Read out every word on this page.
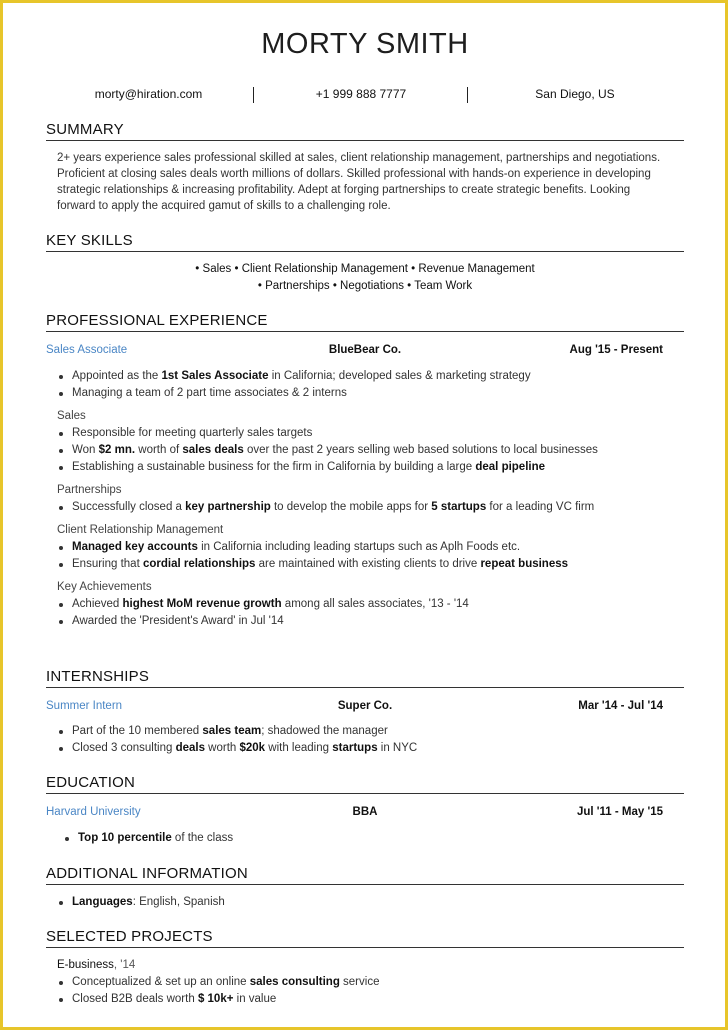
MORTY SMITH
morty@hiration.com	+1 999 888 7777	San Diego, US
SUMMARY
2+ years experience sales professional skilled at sales, client relationship management, partnerships and negotiations.
Proficient at closing sales deals worth millions of dollars. Skilled professional with hands-on experience in developing
strategic relationships & increasing profitability. Adept at forging partnerships to create strategic benefits. Looking
forward to apply the acquired gamut of skills to a challenging role.
KEY SKILLS
• Sales • Client Relationship Management • Revenue Management
• Partnerships • Negotiations • Team Work
PROFESSIONAL EXPERIENCE
Sales Associate	BlueBear Co.	Aug '15 - Present
Appointed as the 1st Sales Associate in California; developed sales & marketing strategy
Managing a team of 2 part time associates & 2 interns
Sales
Responsible for meeting quarterly sales targets
Won $2 mn. worth of sales deals over the past 2 years selling web based solutions to local businesses
Establishing a sustainable business for the firm in California by building a large deal pipeline
Partnerships
Successfully closed a key partnership to develop the mobile apps for 5 startups for a leading VC firm
Client Relationship Management
Managed key accounts in California including leading startups such as Aplh Foods etc.
Ensuring that cordial relationships are maintained with existing clients to drive repeat business
Key Achievements
Achieved highest MoM revenue growth among all sales associates, '13 - '14
Awarded the 'President's Award' in Jul '14
INTERNSHIPS
Summer Intern	Super Co.	Mar '14 - Jul '14
Part of the 10 membered sales team; shadowed the manager
Closed 3 consulting deals worth $20k with leading startups in NYC
EDUCATION
Harvard University	BBA	Jul '11 - May '15
Top 10 percentile of the class
ADDITIONAL INFORMATION
Languages: English, Spanish
SELECTED PROJECTS
E-business, '14
Conceptualized & set up an online sales consulting service
Closed B2B deals worth $ 10k+ in value
